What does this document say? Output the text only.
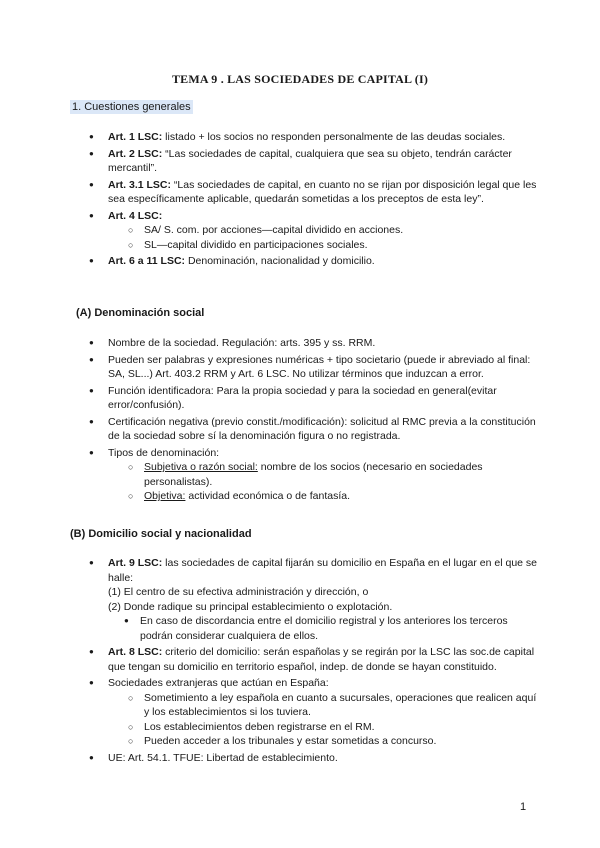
TEMA 9 . LAS SOCIEDADES DE CAPITAL (I)
1. Cuestiones generales
● Art. 1 LSC: listado + los socios no responden personalmente de las deudas sociales.
● Art. 2 LSC: “Las sociedades de capital, cualquiera que sea su objeto, tendrán carácter mercantil”.
● Art. 3.1 LSC: “Las sociedades de capital, en cuanto no se rijan por disposición legal que les sea específicamente aplicable, quedarán sometidas a los preceptos de esta ley”.
● Art. 4 LSC:
○ SA/ S. com. por acciones—capital dividido en acciones.
○ SL—capital dividido en participaciones sociales.
● Art. 6 a 11 LSC: Denominación, nacionalidad y domicilio.
(A) Denominación social
● Nombre de la sociedad. Regulación: arts. 395 y ss. RRM.
● Pueden ser palabras y expresiones numéricas + tipo societario (puede ir abreviado al final: SA, SL...) Art. 403.2 RRM y Art. 6 LSC. No utilizar términos que induzcan a error.
● Función identificadora: Para la propia sociedad y para la sociedad en general(evitar error/confusión).
● Certificación negativa (previo constit./modificación): solicitud al RMC previa a la constitución de la sociedad sobre sí la denominación figura o no registrada.
● Tipos de denominación:
○ Subjetiva o razón social: nombre de los socios (necesario en sociedades personalistas).
○ Objetiva: actividad económica o de fantasía.
(B) Domicilio social y nacionalidad
● Art. 9 LSC: las sociedades de capital fijarán su domicilio en España en el lugar en el que se halle:
(1) El centro de su efectiva administración y dirección, o
(2) Donde radique su principal establecimiento o explotación.
● En caso de discordancia entre el domicilio registral y los anteriores los terceros podrán considerar cualquiera de ellos.
● Art. 8 LSC: criterio del domicilio: serán españolas y se regirán por la LSC las soc.de capital que tengan su domicilio en territorio español, indep. de donde se hayan constituido.
● Sociedades extranjeras que actúan en España:
○ Sometimiento a ley española en cuanto a sucursales, operaciones que realicen aquí y los establecimientos si los tuviera.
○ Los establecimientos deben registrarse en el RM.
○ Pueden acceder a los tribunales y estar sometidas a concurso.
● UE: Art. 54.1. TFUE: Libertad de establecimiento.
1
